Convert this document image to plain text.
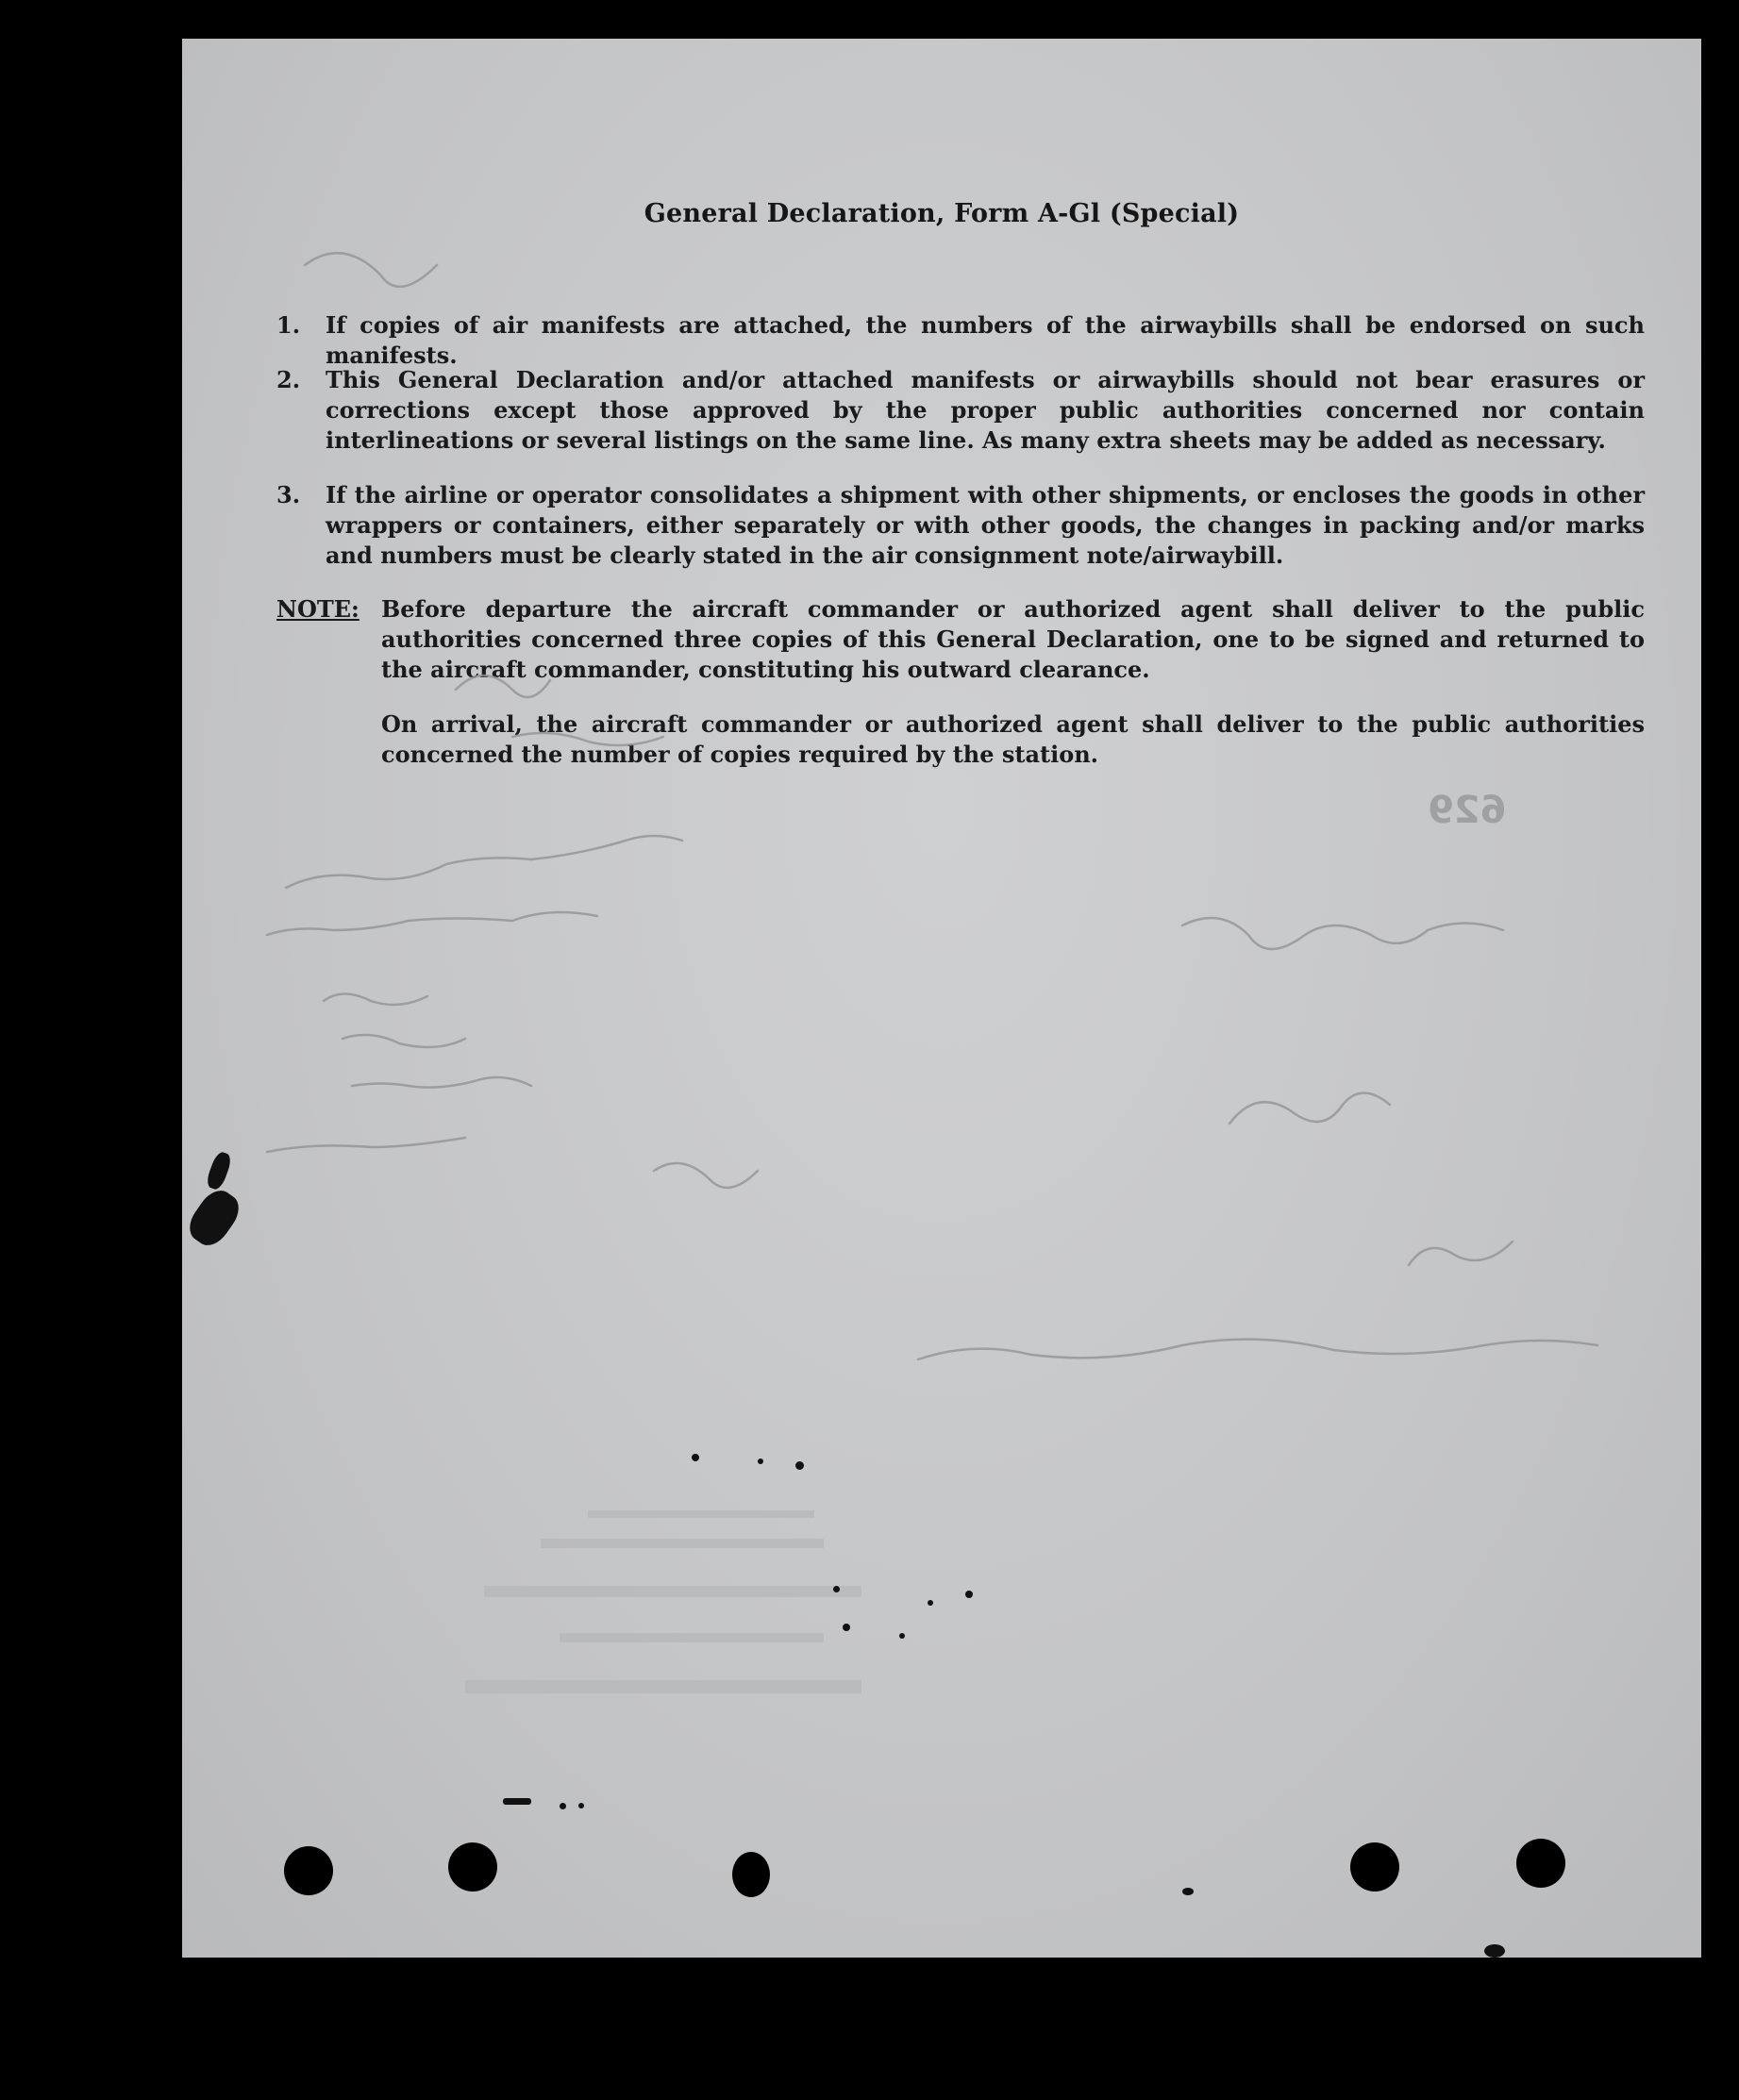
General Declaration, Form A-Gl (Special)
1.	If copies of air manifests are attached, the numbers of the airwaybills shall be endorsed on such manifests.
2.	This General Declaration and/or attached manifests or airwaybills should not bear erasures or corrections except those approved by the proper public authorities concerned nor contain interlineations or several listings on the same line. As many extra sheets may be added as necessary.
3.	If the airline or operator consolidates a shipment with other shipments, or encloses the goods in other wrappers or containers, either separately or with other goods, the changes in packing and/or marks and numbers must be clearly stated in the air consignment note/airwaybill.
NOTE: Before departure the aircraft commander or authorized agent shall deliver to the public authorities concerned three copies of this General Declaration, one to be signed and returned to the aircraft commander, constituting his outward clearance.
On arrival, the aircraft commander or authorized agent shall deliver to the public authorities concerned the number of copies required by the station.
629
